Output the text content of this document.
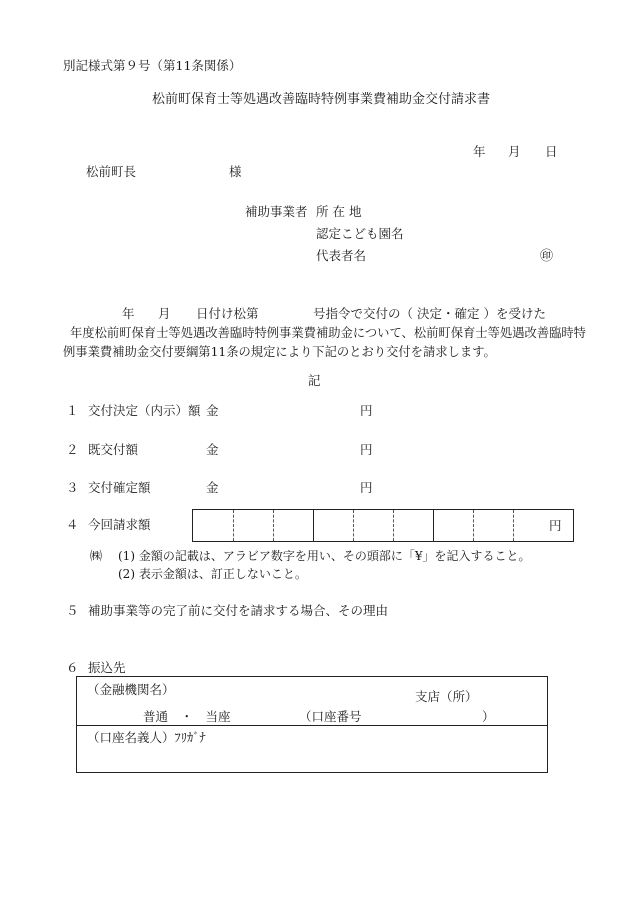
別記様式第９号（第11条関係）
松前町保育士等処遇改善臨時特例事業費補助金交付請求書
年 月 日
松前町長	様
補助事業者 所 在 地
認定こども園名
代表者名	㊞
年 月 日付け松第	号指令で交付の（ 決定・確定 ）を受けた
年度松前町保育士等処遇改善臨時特例事業費補助金について、松前町保育士等処遇改善臨時特
例事業費補助金交付要綱第11条の規定により下記のとおり交付を請求します。
記
１ 交付決定（内示）額 金	円
２ 既交付額	金	円
３ 交付確定額	金	円
４ 今回請求額	円
㈱ (1) 金額の記載は、アラビア数字を用い、その頭部に「¥」を記入すること。
(2) 表示金額は、訂正しないこと。
５ 補助事業等の完了前に交付を請求する場合、その理由
６ 振込先
（金融機関名）	支店（所）
普通　・　当座	（口座番号	）
（口座名義人）ﾌﾘｶﾞﾅ
